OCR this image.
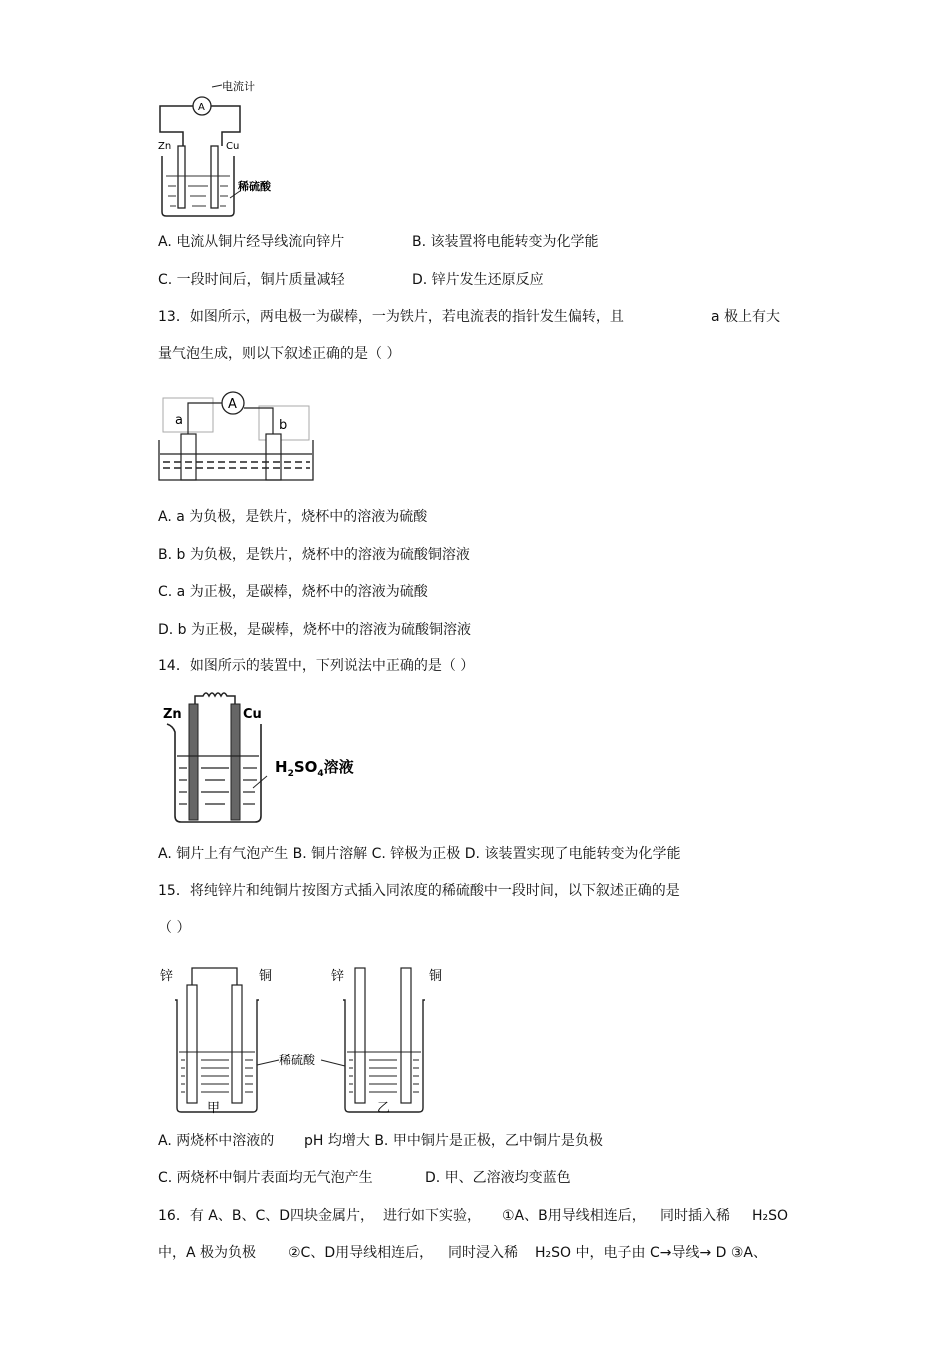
电流计
A
Zn	Cu
稀硫酸
A. 电流从铜片经导线流向锌片	B. 该装置将电能转变为化学能
C. 一段时间后，铜片质量减轻	D. 锌片发生还原反应
13．如图所示，两电极一为碳棒，一为铁片，若电流表的指针发生偏转，且	a 极上有大
量气泡生成，则以下叙述正确的是（ ）
A
a	b
A. a 为负极，是铁片，烧杯中的溶液为硫酸
B. b 为负极，是铁片，烧杯中的溶液为硫酸铜溶液
C. a 为正极，是碳棒，烧杯中的溶液为硫酸
D. b 为正极，是碳棒，烧杯中的溶液为硫酸铜溶液
14．如图所示的装置中，下列说法中正确的是（ ）
Zn	Cu
$H_2SO_4$溶液
A. 铜片上有气泡产生 B. 铜片溶解 C. 锌极为正极 D. 该装置实现了电能转变为化学能
15．将纯锌片和纯铜片按图方式插入同浓度的稀硫酸中一段时间，以下叙述正确的是
（ ）
锌	铜
甲
锌	铜
乙
稀硫酸
A. 两烧杯中溶液的 pH 均增大 B. 甲中铜片是正极，乙中铜片是负极
C. 两烧杯中铜片表面均无气泡产生	D. 甲、乙溶液均变蓝色
16．有 A、B、C、D四块金属片， 进行如下实验， ①A、B用导线相连后， 同时插入稀 H₂SO
中，A 极为负极 ②C、D用导线相连后， 同时浸入稀 H₂SO 中，电子由 C→导线→ D ③A、
